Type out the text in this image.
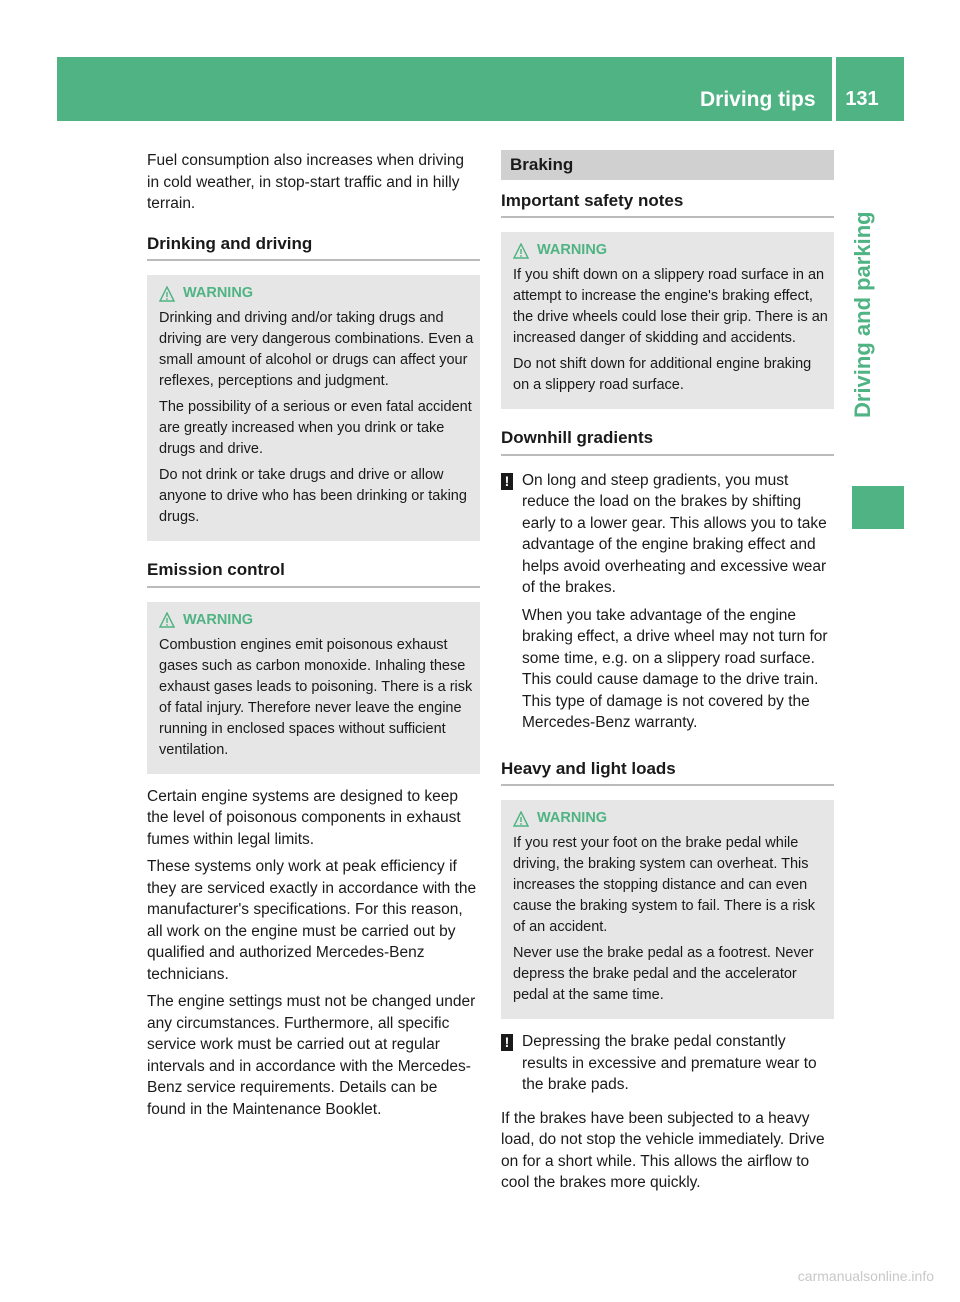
Driving tips	131
Driving and parking

Fuel consumption also increases when driving in cold weather, in stop-start traffic and in hilly terrain.

Drinking and driving
WARNING

Drinking and driving and/or taking drugs and driving are very dangerous combinations. Even a small amount of alcohol or drugs can affect your reflexes, perceptions and judgment.

The possibility of a serious or even fatal accident are greatly increased when you drink or take drugs and drive.

Do not drink or take drugs and drive or allow anyone to drive who has been drinking or taking drugs.

Emission control
WARNING

Combustion engines emit poisonous exhaust gases such as carbon monoxide. Inhaling these exhaust gases leads to poisoning. There is a risk of fatal injury. Therefore never leave the engine running in enclosed spaces without sufficient ventilation.

Certain engine systems are designed to keep the level of poisonous components in exhaust fumes within legal limits.

These systems only work at peak efficiency if they are serviced exactly in accordance with the manufacturer's specifications. For this reason, all work on the engine must be carried out by qualified and authorized Mercedes-Benz technicians.

The engine settings must not be changed under any circumstances. Furthermore, all specific service work must be carried out at regular intervals and in accordance with the Mercedes-Benz service requirements. Details can be found in the Maintenance Booklet.

Braking
Important safety notes
WARNING

If you shift down on a slippery road surface in an attempt to increase the engine's braking effect, the drive wheels could lose their grip. There is an increased danger of skidding and accidents.

Do not shift down for additional engine braking on a slippery road surface.

Downhill gradients
! On long and steep gradients, you must reduce the load on the brakes by shifting early to a lower gear. This allows you to take advantage of the engine braking effect and helps avoid overheating and excessive wear of the brakes.

When you take advantage of the engine braking effect, a drive wheel may not turn for some time, e.g. on a slippery road surface. This could cause damage to the drive train. This type of damage is not covered by the Mercedes-Benz warranty.

Heavy and light loads
WARNING

If you rest your foot on the brake pedal while driving, the braking system can overheat. This increases the stopping distance and can even cause the braking system to fail. There is a risk of an accident.

Never use the brake pedal as a footrest. Never depress the brake pedal and the accelerator pedal at the same time.

! Depressing the brake pedal constantly results in excessive and premature wear to the brake pads.

If the brakes have been subjected to a heavy load, do not stop the vehicle immediately. Drive on for a short while. This allows the airflow to cool the brakes more quickly.

carmanualsonline.info
